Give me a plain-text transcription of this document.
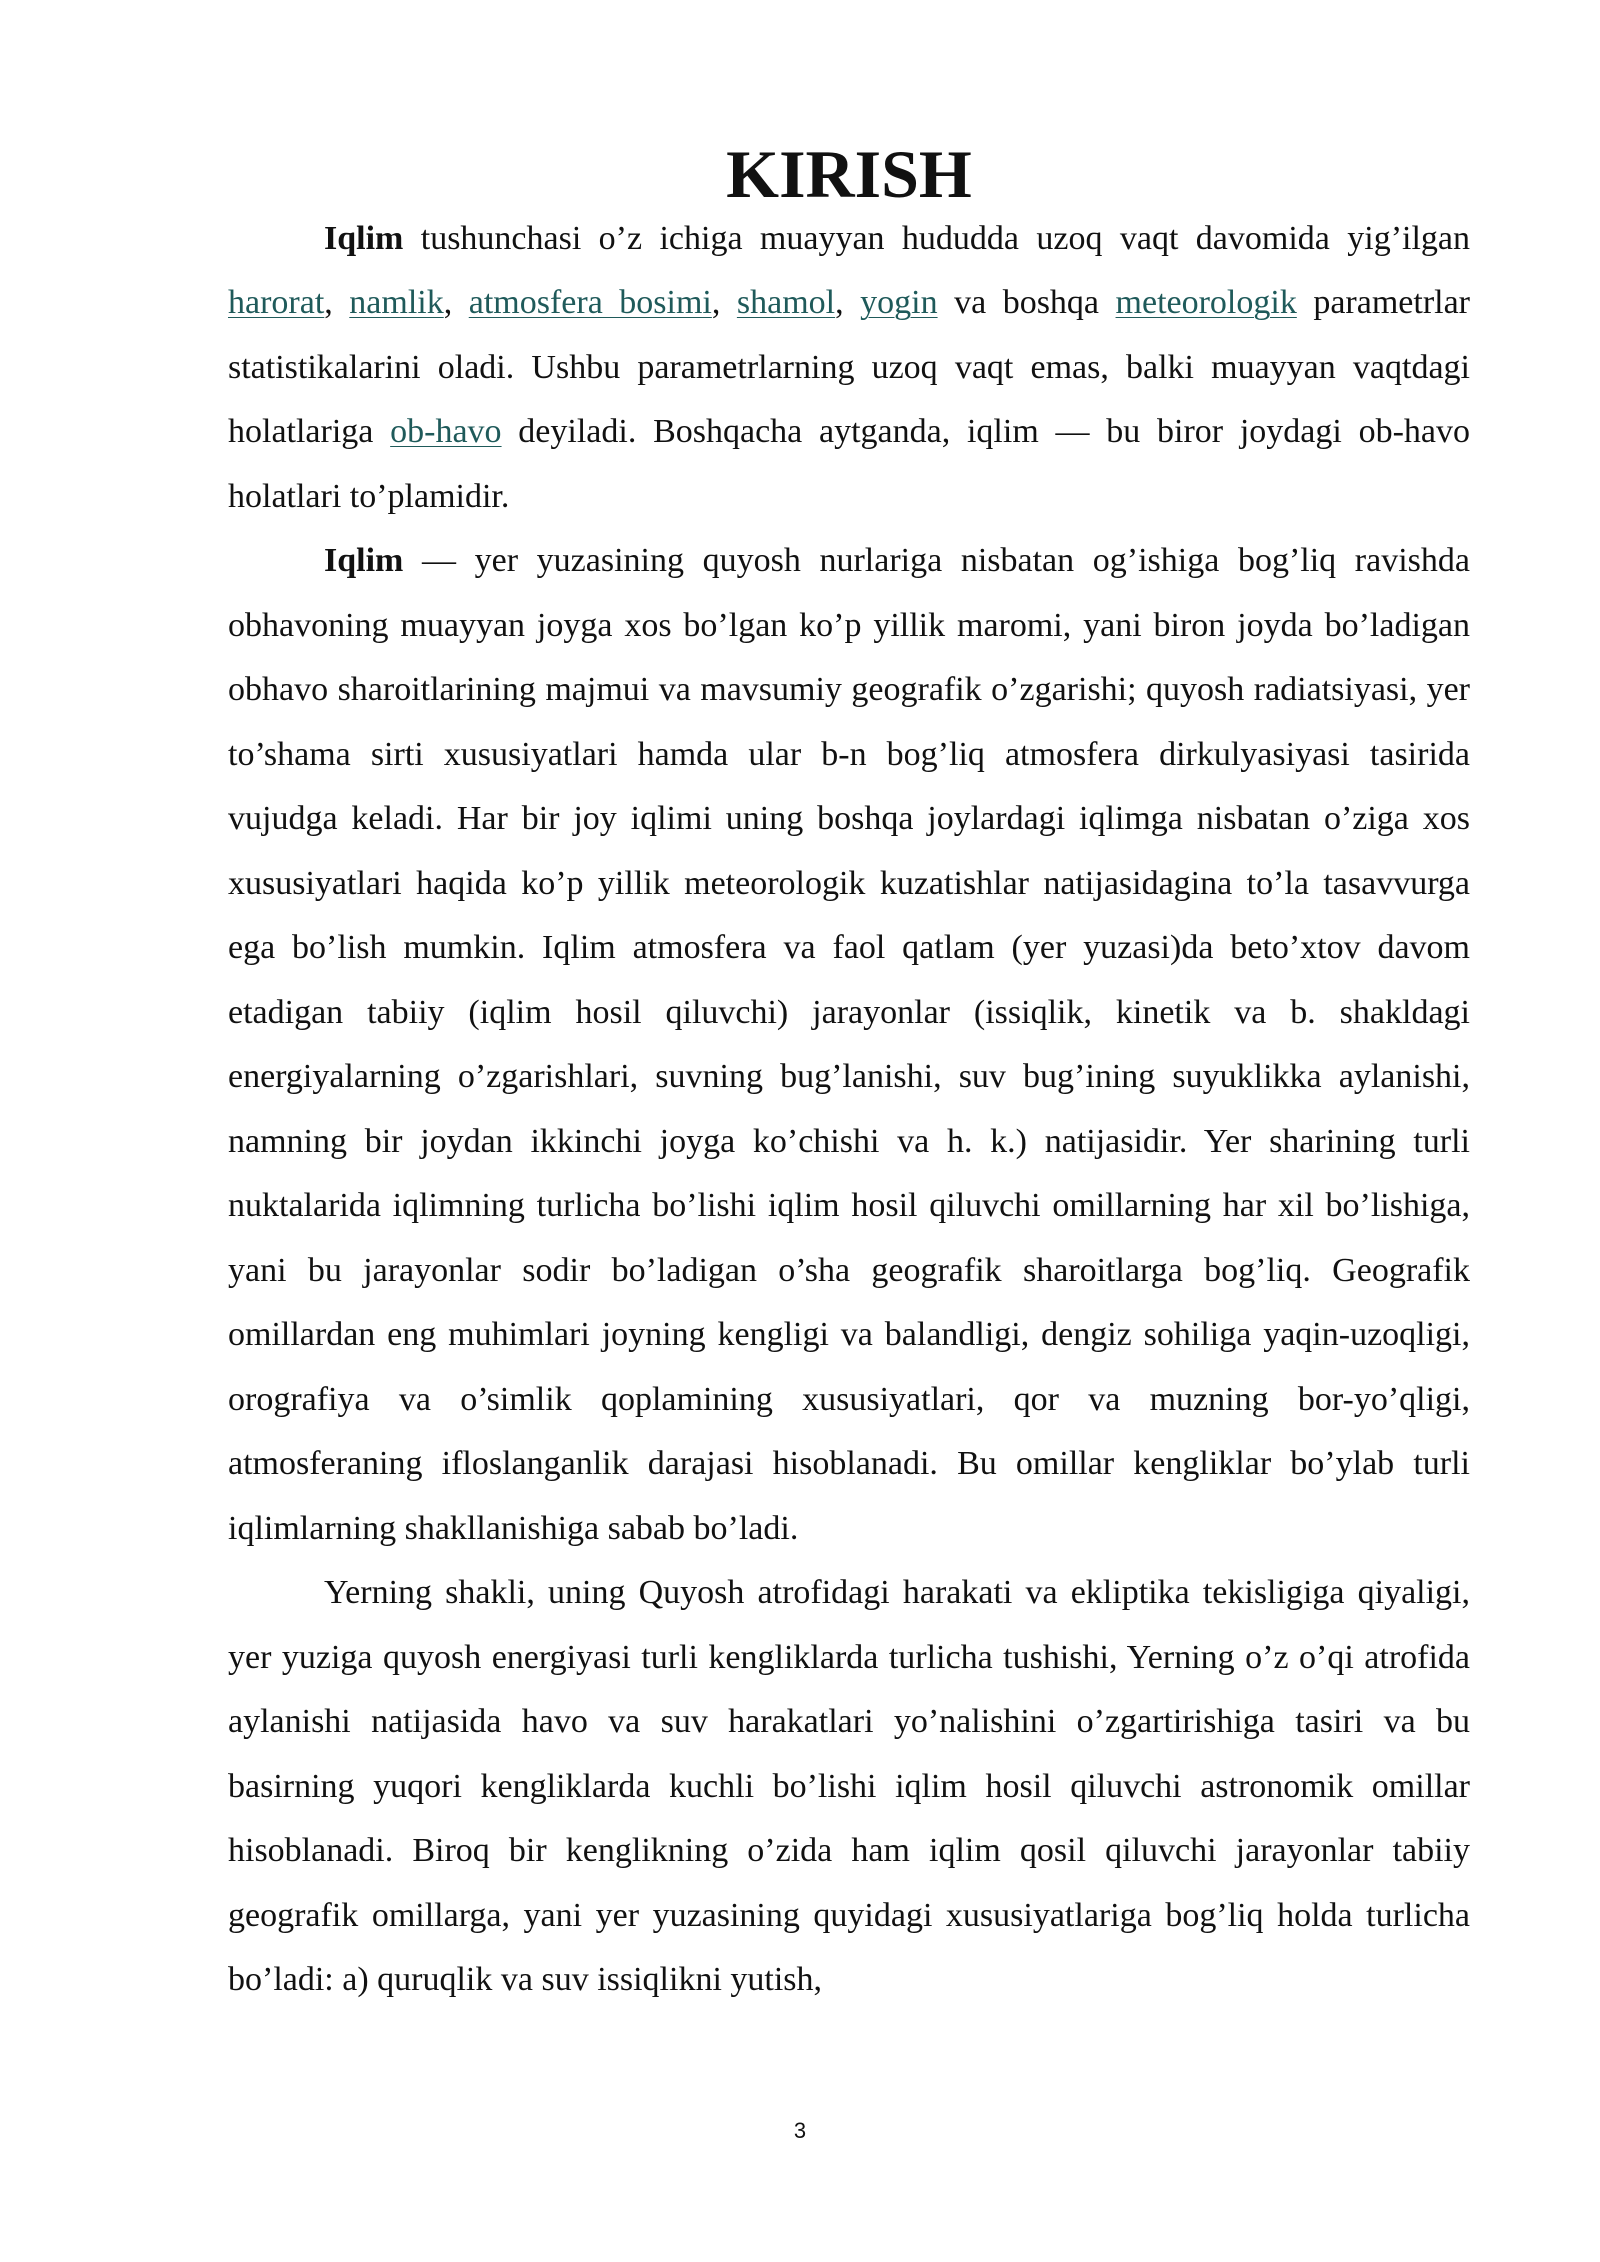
KIRISH

Iqlim tushunchasi o’z ichiga muayyan hududda uzoq vaqt davomida yig’ilgan harorat, namlik, atmosfera bosimi, shamol, yogin va boshqa meteorologik parametrlar statistikalarini oladi. Ushbu parametrlarning uzoq vaqt emas, balki muayyan vaqtdagi holatlariga ob-havo deyiladi. Boshqacha aytganda, iqlim — bu biror joydagi ob-havo holatlari to’plamidir.

Iqlim — yer yuzasining quyosh nurlariga nisbatan og’ishiga bog’liq ravishda obhavoning muayyan joyga xos bo’lgan ko’p yillik maromi, yani biron joyda bo’ladigan obhavo sharoitlarining majmui va mavsumiy geografik o’zgarishi; quyosh radiatsiyasi, yer to’shama sirti xususiyatlari hamda ular b-n bog’liq atmosfera dirkulyasiyasi tasirida vujudga keladi. Har bir joy iqlimi uning boshqa joylardagi iqlimga nisbatan o’ziga xos xususiyatlari haqida ko’p yillik meteorologik kuzatishlar natijasidagina to’la tasavvurga ega bo’lish mumkin. Iqlim atmosfera va faol qatlam (yer yuzasi)da beto’xtov davom etadigan tabiiy (iqlim hosil qiluvchi) jarayonlar (issiqlik, kinetik va b. shakldagi energiyalarning o’zgarishlari, suvning bug’lanishi, suv bug’ining suyuklikka aylanishi, namning bir joydan ikkinchi joyga ko’chishi va h. k.) natijasidir. Yer sharining turli nuktalarida iqlimning turlicha bo’lishi iqlim hosil qiluvchi omillarning har xil bo’lishiga, yani bu jarayonlar sodir bo’ladigan o’sha geografik sharoitlarga bog’liq. Geografik omillardan eng muhimlari joyning kengligi va balandligi, dengiz sohiliga yaqin-uzoqligi, orografiya va o’simlik qoplamining xususiyatlari, qor va muzning bor-yo’qligi, atmosferaning ifloslanganlik darajasi hisoblanadi. Bu omillar kengliklar bo’ylab turli iqlimlarning shakllanishiga sabab bo’ladi.

Yerning shakli, uning Quyosh atrofidagi harakati va ekliptika tekisligiga qiyaligi, yer yuziga quyosh energiyasi turli kengliklarda turlicha tushishi, Yerning o’z o’qi atrofida aylanishi natijasida havo va suv harakatlari yo’nalishini o’zgartirishiga tasiri va bu basirning yuqori kengliklarda kuchli bo’lishi iqlim hosil qiluvchi astronomik omillar hisoblanadi. Biroq bir kenglikning o’zida ham iqlim qosil qiluvchi jarayonlar tabiiy geografik omillarga, yani yer yuzasining quyidagi xususiyatlariga bog’liq holda turlicha bo’ladi: a) quruqlik va suv issiqlikni yutish,

3
